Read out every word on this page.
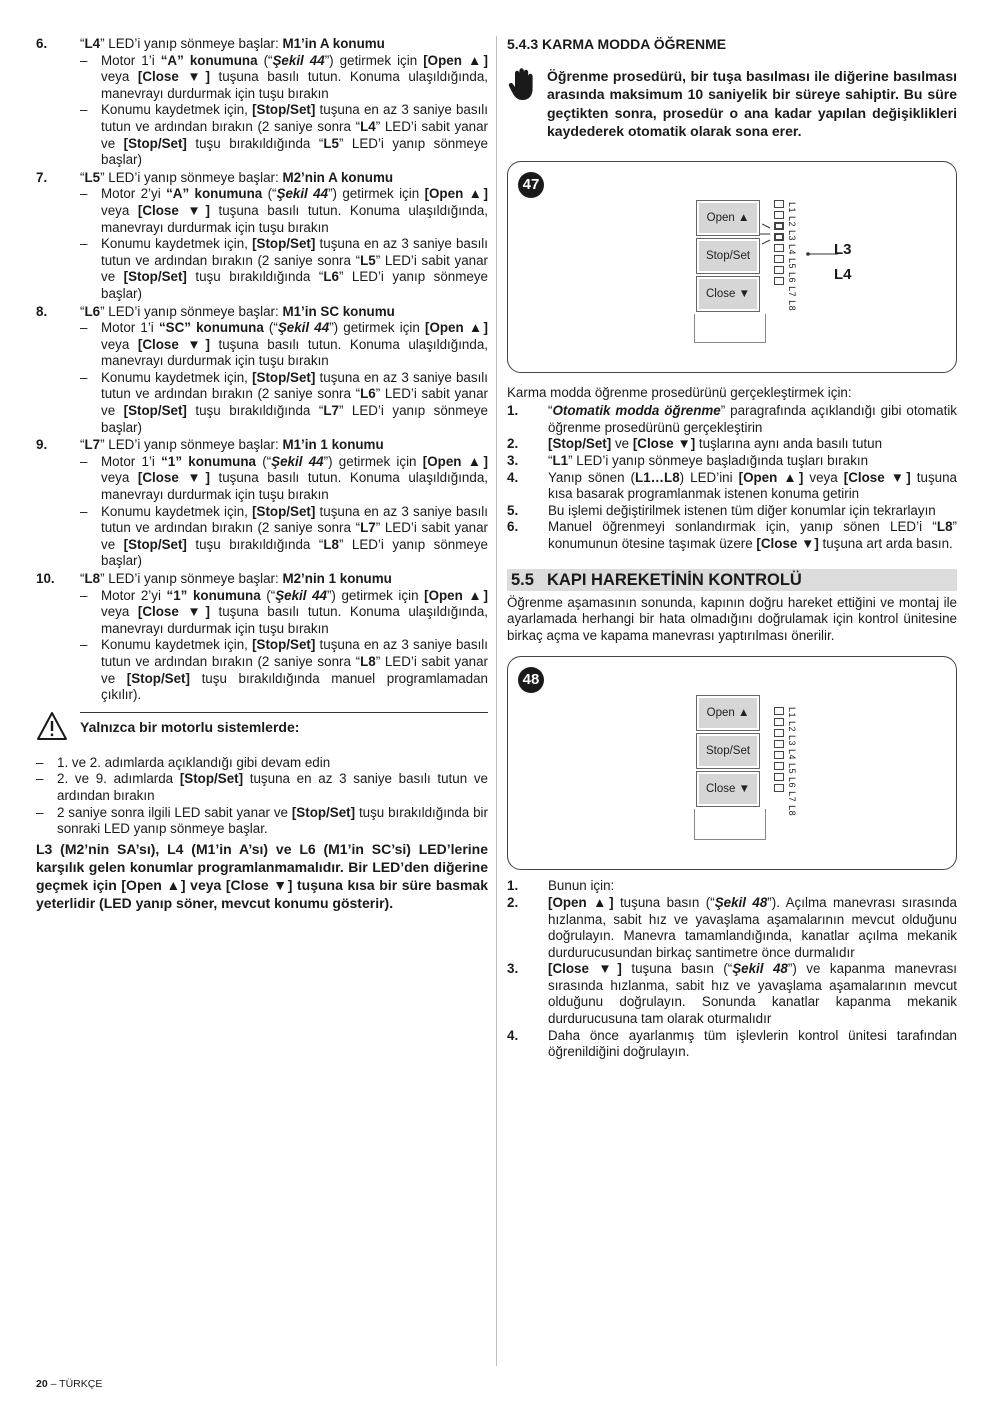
6. “L4” LED’i yanıp sönmeye başlar: M1’in A konumu
– Motor 1’i “A” konumuna (“Şekil 44”) getirmek için [Open ▲] veya [Close ▼] tuşuna basılı tutun. Konuma ulaşıldığında, manevrayı durdurmak için tuşu bırakın
– Konumu kaydetmek için, [Stop/Set] tuşuna en az 3 saniye basılı tutun ve ardından bırakın (2 saniye sonra “L4” LED’i sabit yanar ve [Stop/Set] tuşu bırakıldığında “L5” LED’i yanıp sönmeye başlar)
7. “L5” LED’i yanıp sönmeye başlar: M2’nin A konumu
– Motor 2’yi “A” konumuna (“Şekil 44”) getirmek için [Open ▲] veya [Close ▼] tuşuna basılı tutun. Konuma ulaşıldığında, manevrayı durdurmak için tuşu bırakın
– Konumu kaydetmek için, [Stop/Set] tuşuna en az 3 saniye basılı tutun ve ardından bırakın (2 saniye sonra “L5” LED’i sabit yanar ve [Stop/Set] tuşu bırakıldığında “L6” LED’i yanıp sönmeye başlar)
8. “L6” LED’i yanıp sönmeye başlar: M1’in SC konumu
– Motor 1’i “SC” konumuna (“Şekil 44”) getirmek için [Open ▲] veya [Close ▼] tuşuna basılı tutun. Konuma ulaşıldığında, manevrayı durdurmak için tuşu bırakın
– Konumu kaydetmek için, [Stop/Set] tuşuna en az 3 saniye basılı tutun ve ardından bırakın (2 saniye sonra “L6” LED’i sabit yanar ve [Stop/Set] tuşu bırakıldığında “L7” LED’i yanıp sönmeye başlar)
9. “L7” LED’i yanıp sönmeye başlar: M1’in 1 konumu
– Motor 1’i “1” konumuna (“Şekil 44”) getirmek için [Open ▲] veya [Close ▼] tuşuna basılı tutun. Konuma ulaşıldığında, manevrayı durdurmak için tuşu bırakın
– Konumu kaydetmek için, [Stop/Set] tuşuna en az 3 saniye basılı tutun ve ardından bırakın (2 saniye sonra “L7” LED’i sabit yanar ve [Stop/Set] tuşu bırakıldığında “L8” LED’i yanıp sönmeye başlar)
10. “L8” LED’i yanıp sönmeye başlar: M2’nin 1 konumu
– Motor 2’yi “1” konumuna (“Şekil 44”) getirmek için [Open ▲] veya [Close ▼] tuşuna basılı tutun. Konuma ulaşıldığında, manevrayı durdurmak için tuşu bırakın
– Konumu kaydetmek için, [Stop/Set] tuşuna en az 3 saniye basılı tutun ve ardından bırakın (2 saniye sonra “L8” LED’i sabit yanar ve [Stop/Set] tuşu bırakıldığında manuel programlamadan çıkılır).
Yalnızca bir motorlu sistemlerde:
– 1. ve 2. adımlarda açıklandığı gibi devam edin
– 2. ve 9. adımlarda [Stop/Set] tuşuna en az 3 saniye basılı tutun ve ardından bırakın
– 2 saniye sonra ilgili LED sabit yanar ve [Stop/Set] tuşu bırakıldığında bir sonraki LED yanıp sönmeye başlar.
L3 (M2’nin SA’sı), L4 (M1’in A’sı) ve L6 (M1’in SC’si) LED’lerine karşılık gelen konumlar programlanmamalıdır. Bir LED’den diğerine geçmek için [Open ▲] veya [Close ▼] tuşuna kısa bir süre basmak yeterlidir (LED yanıp söner, mevcut konumu gösterir).
5.4.3 KARMA MODDA ÖĞRENME
Öğrenme prosedürü, bir tuşa basılması ile diğerine basılması arasında maksimum 10 saniyelik bir süreye sahiptir. Bu süre geçtikten sonra, prosedür o ana kadar yapılan değişiklikleri kaydederek otomatik olarak sona erer.
47
Open ▲
Stop/Set
Close ▼	L1 L2 L3 L4 L5 L6 L7 L8 L3
L4
Karma modda öğrenme prosedürünü gerçekleştirmek için:
1. “Otomatik modda öğrenme” paragrafında açıklandığı gibi otomatik öğrenme prosedürünü gerçekleştirin
2. [Stop/Set] ve [Close ▼] tuşlarına aynı anda basılı tutun
3. “L1” LED’i yanıp sönmeye başladığında tuşları bırakın
4. Yanıp sönen (L1…L8) LED’ini [Open ▲] veya [Close ▼] tuşuna kısa basarak programlanmak istenen konuma getirin
5. Bu işlemi değiştirilmek istenen tüm diğer konumlar için tekrarlayın
6. Manuel öğrenmeyi sonlandırmak için, yanıp sönen LED’i “L8” konumunun ötesine taşımak üzere [Close ▼] tuşuna art arda basın.
5.5 KAPI HAREKETİNİN KONTROLÜ
Öğrenme aşamasının sonunda, kapının doğru hareket ettiğini ve montaj ile ayarlamada herhangi bir hata olmadığını doğrulamak için kontrol ünitesine birkaç açma ve kapama manevrası yaptırılması önerilir.
48
Open ▲
Stop/Set
Close ▼	L1 L2 L3 L4 L5 L6 L7 L8
1. Bunun için:
2. [Open ▲] tuşuna basın (“Şekil 48”). Açılma manevrası sırasında hızlanma, sabit hız ve yavaşlama aşamalarının mevcut olduğunu doğrulayın. Manevra tamamlandığında, kanatlar açılma mekanik durdurucusundan birkaç santimetre önce durmalıdır
3. [Close ▼] tuşuna basın (“Şekil 48”) ve kapanma manevrası sırasında hızlanma, sabit hız ve yavaşlama aşamalarının mevcut olduğunu doğrulayın. Sonunda kanatlar kapanma mekanik durdurucusuna tam olarak oturmalıdır
4. Daha önce ayarlanmış tüm işlevlerin kontrol ünitesi tarafından öğrenildiğini doğrulayın.
20 – TÜRKÇE
